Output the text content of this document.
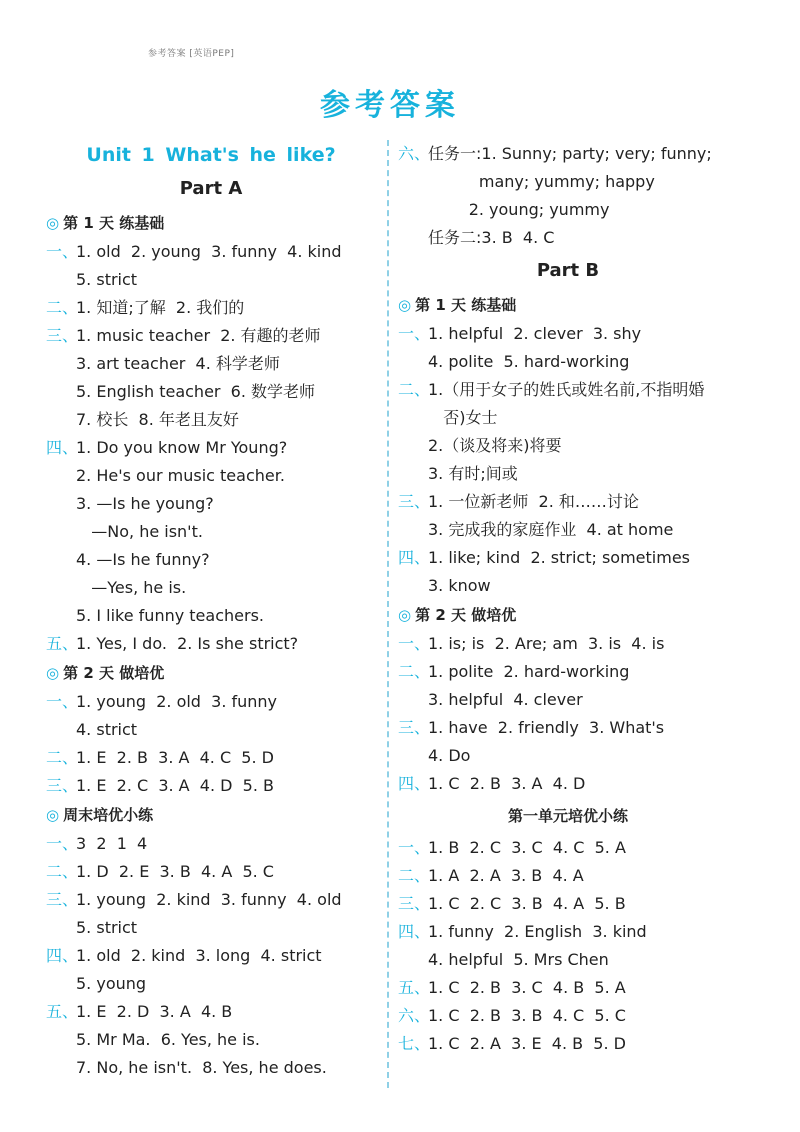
参考答案 [英语PEP]
参考答案
Unit 1 What's he like?
Part A
◎ 第 1 天 练基础
一、1. old  2. young  3. funny  4. kind
5. strict
二、1. 知道;了解  2. 我们的
三、1. music teacher  2. 有趣的老师
3. art teacher  4. 科学老师
5. English teacher  6. 数学老师
7. 校长  8. 年老且友好
四、1. Do you know Mr Young?
2. He's our music teacher.
3. —Is he young?
—No, he isn't.
4. —Is he funny?
—Yes, he is.
5. I like funny teachers.
五、1. Yes, I do.  2. Is she strict?
◎ 第 2 天 做培优
一、1. young  2. old  3. funny
4. strict
二、1. E  2. B  3. A  4. C  5. D
三、1. E  2. C  3. A  4. D  5. B
◎ 周末培优小练
一、3  2  1  4
二、1. D  2. E  3. B  4. A  5. C
三、1. young  2. kind  3. funny  4. old
5. strict
四、1. old  2. kind  3. long  4. strict
5. young
五、1. E  2. D  3. A  4. B
5. Mr Ma.  6. Yes, he is.
7. No, he isn't.  8. Yes, he does.
六、任务一:1. Sunny; party; very; funny;
many; yummy; happy
2. young; yummy
任务二:3. B  4. C
Part B
◎ 第 1 天 练基础
一、1. helpful  2. clever  3. shy
4. polite  5. hard-working
二、1.（用于女子的姓氏或姓名前,不指明婚
否)女士
2.（谈及将来)将要
3. 有时;间或
三、1. 一位新老师  2. 和……讨论
3. 完成我的家庭作业  4. at home
四、1. like; kind  2. strict; sometimes
3. know
◎ 第 2 天 做培优
一、1. is; is  2. Are; am  3. is  4. is
二、1. polite  2. hard-working
3. helpful  4. clever
三、1. have  2. friendly  3. What's
4. Do
四、1. C  2. B  3. A  4. D
第一单元培优小练
一、1. B  2. C  3. C  4. C  5. A
二、1. A  2. A  3. B  4. A
三、1. C  2. C  3. B  4. A  5. B
四、1. funny  2. English  3. kind
4. helpful  5. Mrs Chen
五、1. C  2. B  3. C  4. B  5. A
六、1. C  2. B  3. B  4. C  5. C
七、1. C  2. A  3. E  4. B  5. D
